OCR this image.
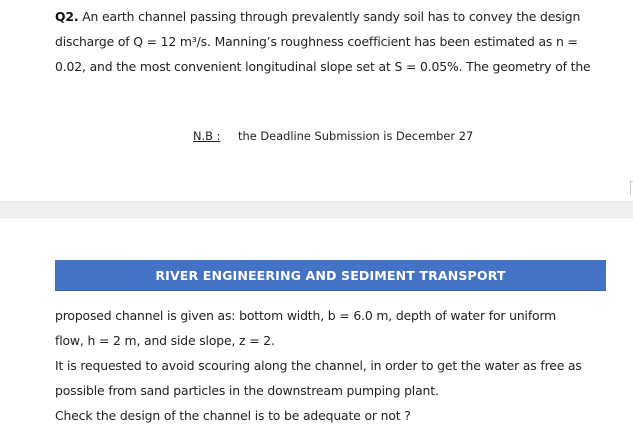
Q2. An earth channel passing through prevalently sandy soil has to convey the design
discharge of Q = 12 m³/s. Manning’s roughness coefficient has been estimated as n =
0.02, and the most convenient longitudinal slope set at S = 0.05%. The geometry of the

N.B : the Deadline Submission is December 27
RIVER ENGINEERING AND SEDIMENT TRANSPORT

proposed channel is given as: bottom width, b = 6.0 m, depth of water for uniform
flow, h = 2 m, and side slope, z = 2.
It is requested to avoid scouring along the channel, in order to get the water as free as
possible from sand particles in the downstream pumping plant.
Check the design of the channel is to be adequate or not ?
